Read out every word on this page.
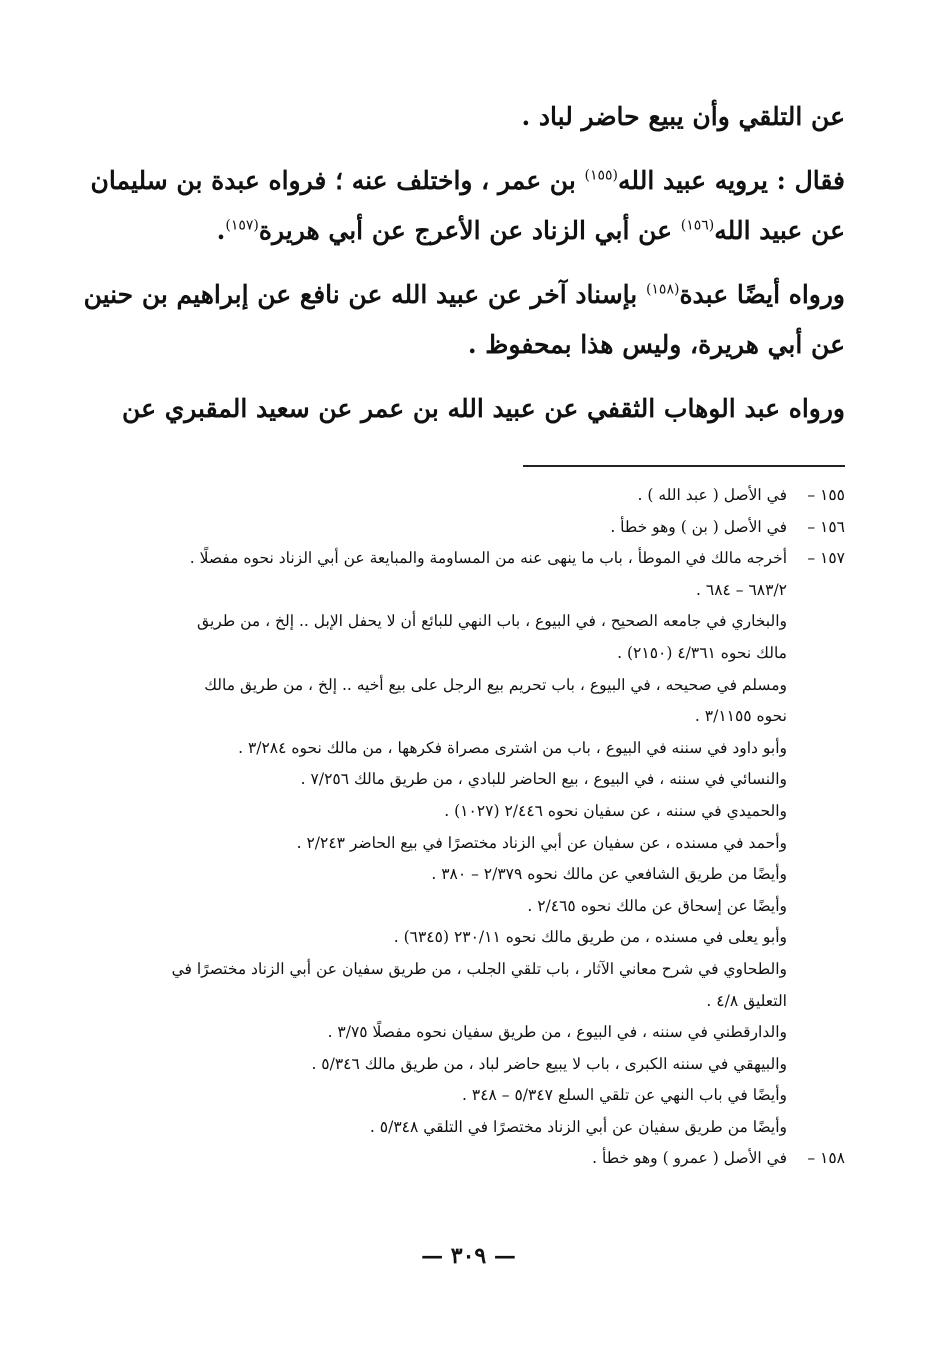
عن التلقي وأن يبيع حاضر لباد .

فقال : يرويه عبيد الله$^{(١٥٥)}$ بن عمر ، واختلف عنه ؛ فرواه عبدة بن سليمان
عن عبيد الله$^{(١٥٦)}$ عن أبي الزناد عن الأعرج عن أبي هريرة$^{(١٥٧)}$.

ورواه أيضًا عبدة$^{(١٥٨)}$ بإسناد آخر عن عبيد الله عن نافع عن إبراهيم بن حنين
عن أبي هريرة، وليس هذا بمحفوظ .

ورواه عبد الوهاب الثقفي عن عبيد الله بن عمر عن سعيد المقبري عن

١٥٥ –
في الأصل ( عبد الله ) .
١٥٦ –
في الأصل ( بن ) وهو خطأ .
١٥٧ –
أخرجه مالك في الموطأ ، باب ما ينهى عنه من المساومة والمبايعة عن أبي الزناد نحوه مفصلًا .
٦٨٣/٢ – ٦٨٤ .
والبخاري في جامعه الصحيح ، في البيوع ، باب النهي للبائع أن لا يحفل الإبل .. إلخ ، من طريق
مالك نحوه ٤/٣٦١ (٢١٥٠) .
ومسلم في صحيحه ، في البيوع ، باب تحريم بيع الرجل على بيع أخيه .. إلخ ، من طريق مالك
نحوه ٣/١١٥٥ .
وأبو داود في سننه في البيوع ، باب من اشترى مصراة فكرهها ، من مالك نحوه ٣/٢٨٤ .
والنسائي في سننه ، في البيوع ، بيع الحاضر للبادي ، من طريق مالك ٧/٢٥٦ .
والحميدي في سننه ، عن سفيان نحوه ٢/٤٤٦ (١٠٢٧) .
وأحمد في مسنده ، عن سفيان عن أبي الزناد مختصرًا في بيع الحاضر ٢/٢٤٣ .
وأيضًا من طريق الشافعي عن مالك نحوه ٢/٣٧٩ – ٣٨٠ .
وأيضًا عن إسحاق عن مالك نحوه ٢/٤٦٥ .
وأبو يعلى في مسنده ، من طريق مالك نحوه ٢٣٠/١١ (٦٣٤٥) .
والطحاوي في شرح معاني الآثار ، باب تلقي الجلب ، من طريق سفيان عن أبي الزناد مختصرًا في
التعليق ٤/٨ .
والدارقطني في سننه ، في البيوع ، من طريق سفيان نحوه مفصلًا ٣/٧٥ .
والبيهقي في سننه الكبرى ، باب لا يبيع حاضر لباد ، من طريق مالك ٥/٣٤٦ .
وأيضًا في باب النهي عن تلقي السلع ٥/٣٤٧ – ٣٤٨ .
وأيضًا من طريق سفيان عن أبي الزناد مختصرًا في التلقي ٥/٣٤٨ .
١٥٨ –
في الأصل ( عمرو ) وهو خطأ .
— ٣٠٩ —
